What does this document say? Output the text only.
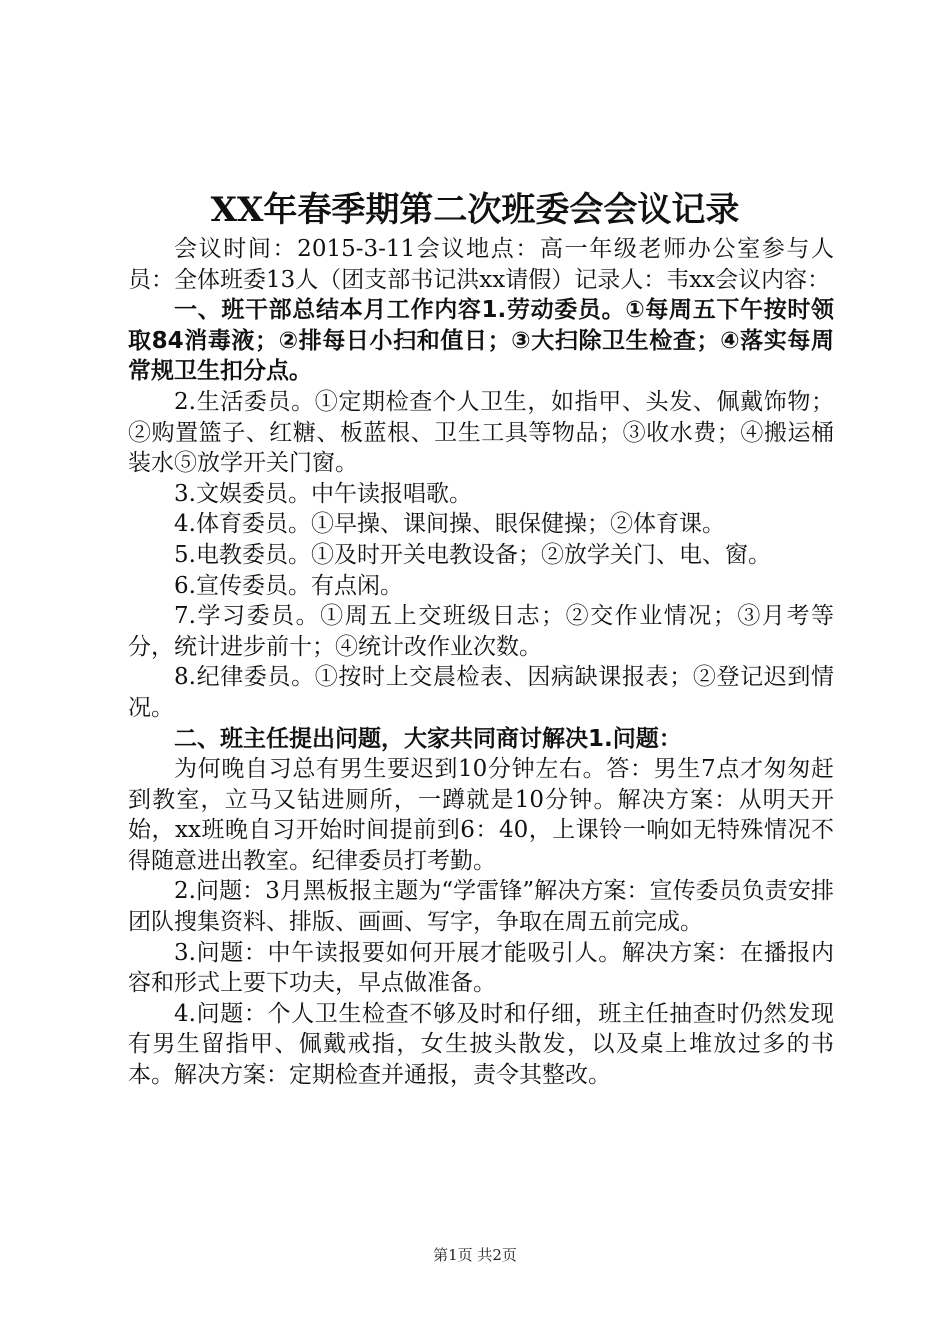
XX年春季期第二次班委会会议记录

会议时间：2015-3-11会议地点：高一年级老师办公室参与人员：全体班委13人（团支部书记洪xx请假）记录人：韦xx会议内容：

一、班干部总结本月工作内容1.劳动委员。①每周五下午按时领取84消毒液；②排每日小扫和值日；③大扫除卫生检查；④落实每周常规卫生扣分点。

2.生活委员。①定期检查个人卫生，如指甲、头发、佩戴饰物；②购置篮子、红糖、板蓝根、卫生工具等物品；③收水费；④搬运桶装水⑤放学开关门窗。

3.文娱委员。中午读报唱歌。

4.体育委员。①早操、课间操、眼保健操；②体育课。

5.电教委员。①及时开关电教设备；②放学关门、电、窗。

6.宣传委员。有点闲。

7.学习委员。①周五上交班级日志；②交作业情况；③月考等分，统计进步前十；④统计改作业次数。

8.纪律委员。①按时上交晨检表、因病缺课报表；②登记迟到情况。

二、班主任提出问题，大家共同商讨解决1.问题：

为何晚自习总有男生要迟到10分钟左右。答：男生7点才匆匆赶到教室，立马又钻进厕所，一蹲就是10分钟。解决方案：从明天开始，xx班晚自习开始时间提前到6：40，上课铃一响如无特殊情况不得随意进出教室。纪律委员打考勤。

2.问题：3月黑板报主题为“学雷锋”解决方案：宣传委员负责安排团队搜集资料、排版、画画、写字，争取在周五前完成。

3.问题：中午读报要如何开展才能吸引人。解决方案：在播报内容和形式上要下功夫，早点做准备。

4.问题：个人卫生检查不够及时和仔细，班主任抽查时仍然发现有男生留指甲、佩戴戒指，女生披头散发，以及桌上堆放过多的书本。解决方案：定期检查并通报，责令其整改。

第1页 共2页
